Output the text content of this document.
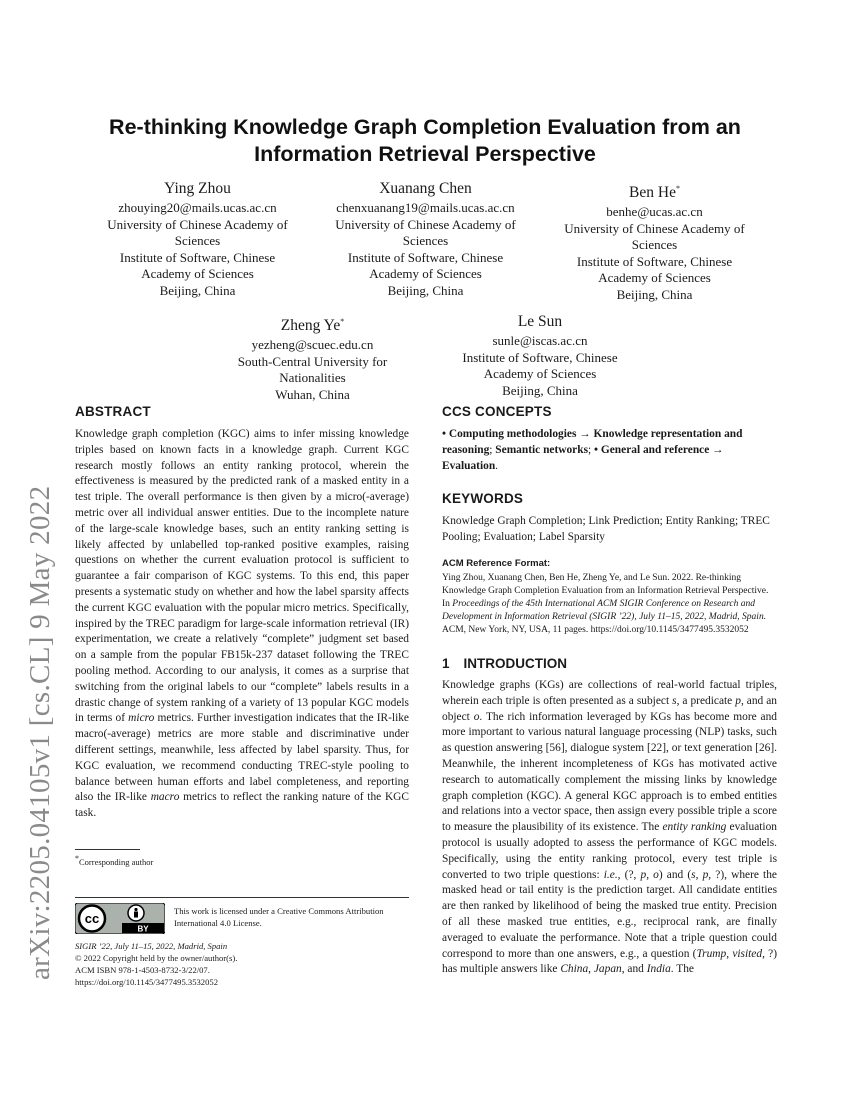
arXiv:2205.04105v1 [cs.CL] 9 May 2022
Re-thinking Knowledge Graph Completion Evaluation from an
Information Retrieval Perspective
Ying Zhou
zhouying20@mails.ucas.ac.cn
University of Chinese Academy of Sciences
Institute of Software, Chinese Academy of Sciences
Beijing, China
Xuanang Chen
chenxuanang19@mails.ucas.ac.cn
University of Chinese Academy of Sciences
Institute of Software, Chinese Academy of Sciences
Beijing, China
Ben He*
benhe@ucas.ac.cn
University of Chinese Academy of Sciences
Institute of Software, Chinese Academy of Sciences
Beijing, China
Zheng Ye*
yezheng@scuec.edu.cn
South-Central University for Nationalities
Wuhan, China
Le Sun
sunle@iscas.ac.cn
Institute of Software, Chinese Academy of Sciences
Beijing, China
ABSTRACT

Knowledge graph completion (KGC) aims to infer missing knowledge triples based on known facts in a knowledge graph. Current KGC research mostly follows an entity ranking protocol, wherein the effectiveness is measured by the predicted rank of a masked entity in a test triple. The overall performance is then given by a micro(-average) metric over all individual answer entities. Due to the incomplete nature of the large-scale knowledge bases, such an entity ranking setting is likely affected by unlabelled top-ranked positive examples, raising questions on whether the current evaluation protocol is sufficient to guarantee a fair comparison of KGC systems. To this end, this paper presents a systematic study on whether and how the label sparsity affects the current KGC evaluation with the popular micro metrics. Specifically, inspired by the TREC paradigm for large-scale information retrieval (IR) experimentation, we create a relatively “complete” judgment set based on a sample from the popular FB15k-237 dataset following the TREC pooling method. According to our analysis, it comes as a surprise that switching from the original labels to our “complete” labels results in a drastic change of system ranking of a variety of 13 popular KGC models in terms of micro metrics. Further investigation indicates that the IR-like macro(-average) metrics are more stable and discriminative under different settings, meanwhile, less affected by label sparsity. Thus, for KGC evaluation, we recommend conducting TREC-style pooling to balance between human efforts and label completeness, and reporting also the IR-like macro metrics to reflect the ranking nature of the KGC task.

*Corresponding author
cc
BY
This work is licensed under a Creative Commons Attribution International 4.0 License.
SIGIR ’22, July 11–15, 2022, Madrid, Spain
© 2022 Copyright held by the owner/author(s).
ACM ISBN 978-1-4503-8732-3/22/07.
https://doi.org/10.1145/3477495.3532052
CCS CONCEPTS

• Computing methodologies → Knowledge representation and reasoning; Semantic networks; • General and reference → Evaluation.

KEYWORDS

Knowledge Graph Completion; Link Prediction; Entity Ranking; TREC Pooling; Evaluation; Label Sparsity

ACM Reference Format:

Ying Zhou, Xuanang Chen, Ben He, Zheng Ye, and Le Sun. 2022. Re-thinking Knowledge Graph Completion Evaluation from an Information Retrieval Perspective. In Proceedings of the 45th International ACM SIGIR Conference on Research and Development in Information Retrieval (SIGIR ’22), July 11–15, 2022, Madrid, Spain. ACM, New York, NY, USA, 11 pages. https://doi.org/10.1145/3477495.3532052

1 INTRODUCTION

Knowledge graphs (KGs) are collections of real-world factual triples, wherein each triple is often presented as a subject s, a predicate p, and an object o. The rich information leveraged by KGs has become more and more important to various natural language processing (NLP) tasks, such as question answering [56], dialogue system [22], or text generation [26]. Meanwhile, the inherent incompleteness of KGs has motivated active research to automatically complement the missing links by knowledge graph completion (KGC). A general KGC approach is to embed entities and relations into a vector space, then assign every possible triple a score to measure the plausibility of its existence. The entity ranking evaluation protocol is usually adopted to assess the performance of KGC models. Specifically, using the entity ranking protocol, every test triple is converted to two triple questions: i.e., (?, p, o) and (s, p, ?), where the masked head or tail entity is the prediction target. All candidate entities are then ranked by likelihood of being the masked true entity. Precision of all these masked true entities, e.g., reciprocal rank, are finally averaged to evaluate the performance. Note that a triple question could correspond to more than one answers, e.g., a question (Trump, visited, ?) has multiple answers like China, Japan, and India. The
